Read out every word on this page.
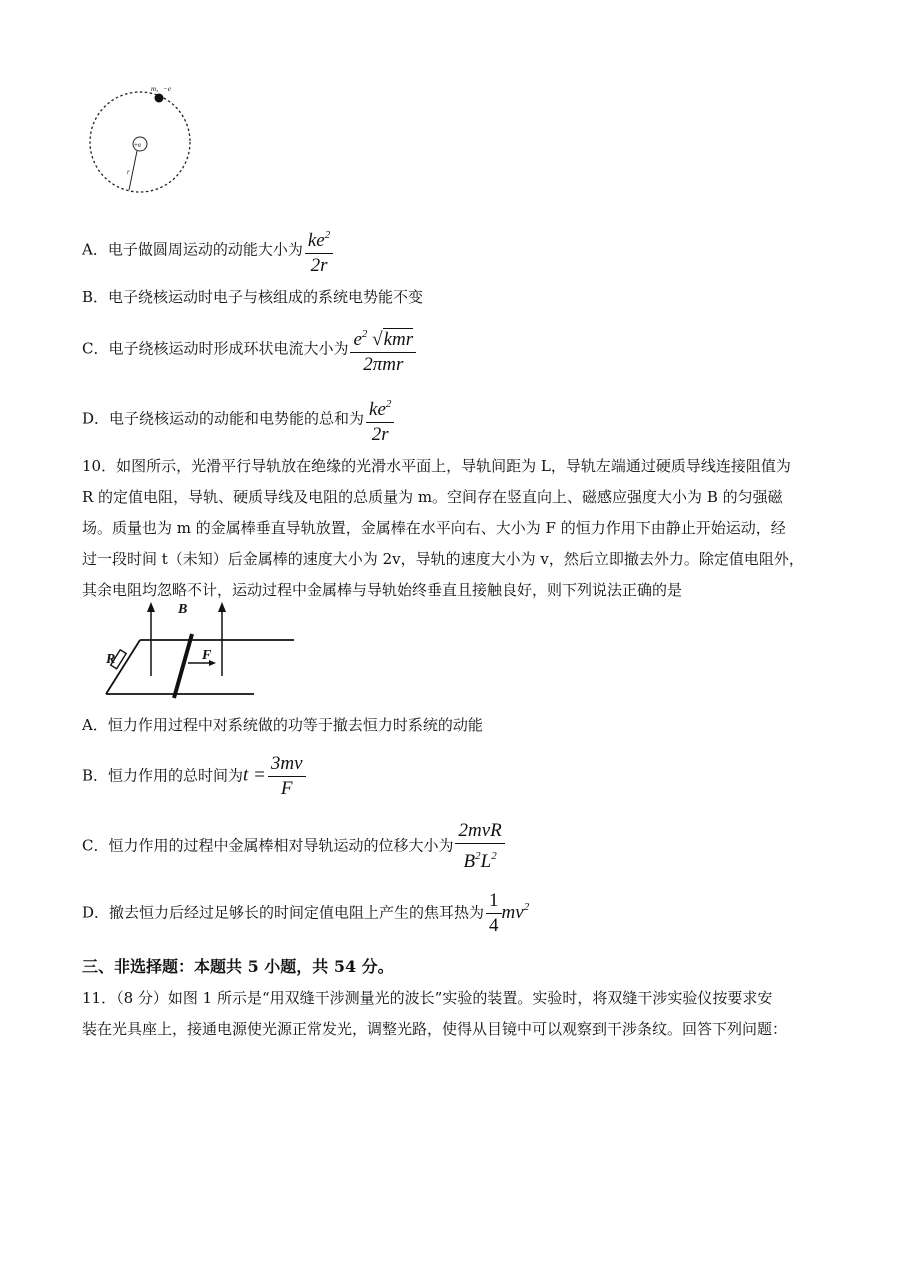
m，−e
+e
r
A．电子做圆周运动的动能大小为 $\frac{ke^2}{2r}$
B．电子绕核运动时电子与核组成的系统电势能不变
C．电子绕核运动时形成环状电流大小为 $\frac{e^2 √kmr}{\text{2πmr}}$
D．电子绕核运动的动能和电势能的总和为 $\frac{ke^2}{2r}$
10．如图所示，光滑平行导轨放在绝缘的光滑水平面上，导轨间距为 L，导轨左端通过硬质导线连接阻值为
R 的定值电阻，导轨、硬质导线及电阻的总质量为 m。空间存在竖直向上、磁感应强度大小为 B 的匀强磁
场。质量也为 m 的金属棒垂直导轨放置，金属棒在水平向右、大小为 F 的恒力作用下由静止开始运动，经
过一段时间 t（未知）后金属棒的速度大小为 2v，导轨的速度大小为 v，然后立即撤去外力。除定值电阻外，
其余电阻均忽略不计，运动过程中金属棒与导轨始终垂直且接触良好，则下列说法正确的是
R
B
F
A．恒力作用过程中对系统做的功等于撤去恒力时系统的动能
B．恒力作用的总时间为$t = \frac{3mv}{F}$
C．恒力作用的过程中金属棒相对导轨运动的位移大小为 $\frac{\text{2mvR}}{B^2L^2}$
D．撤去恒力后经过足够长的时间定值电阻上产生的焦耳热为 $\frac{1}{4} mv^2$
三、非选择题：本题共 5 小题，共 54 分。
11．（8 分）如图 1 所示是“用双缝干涉测量光的波长”实验的装置。实验时，将双缝干涉实验仪按要求安
装在光具座上，接通电源使光源正常发光，调整光路，使得从目镜中可以观察到干涉条纹。回答下列问题：
